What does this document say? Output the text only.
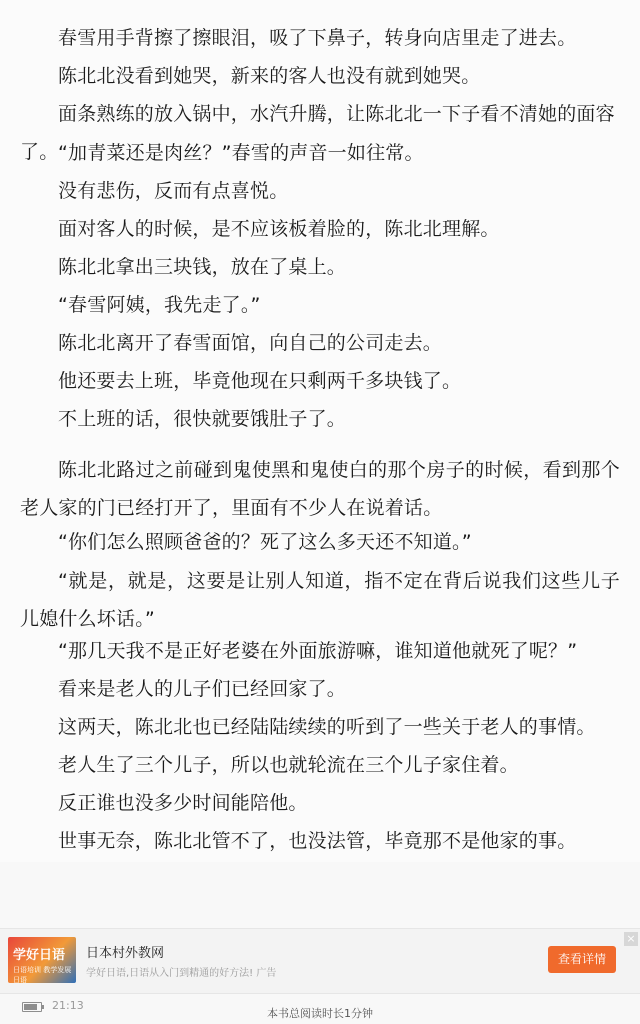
春雪用手背擦了擦眼泪，吸了下鼻子，转身向店里走了进去。
陈北北没看到她哭，新来的客人也没有就到她哭。
面条熟练的放入锅中，水汽升腾，让陈北北一下子看不清她的面容了。 “加青菜还是肉丝？”春雪的声音一如往常。
没有悲伤，反而有点喜悦。
面对客人的时候，是不应该板着脸的，陈北北理解。
陈北北拿出三块钱，放在了桌上。
“春雪阿姨，我先走了。”
陈北北离开了春雪面馆，向自己的公司走去。
他还要去上班，毕竟他现在只剩两千多块钱了。
不上班的话，很快就要饿肚子了。
陈北北路过之前碰到鬼使黑和鬼使白的那个房子的时候，看到那个老人家的门已经打开了，里面有不少人在说着话。
“你们怎么照顾爸爸的？死了这么多天还不知道。”
“就是，就是，这要是让别人知道，指不定在背后说我们这些儿子儿媳什么坏话。”
“那几天我不是正好老婆在外面旅游嘛，谁知道他就死了呢？”
看来是老人的儿子们已经回家了。
这两天，陈北北也已经陆陆续续的听到了一些关于老人的事情。
老人生了三个儿子，所以也就轮流在三个儿子家住着。
反正谁也没多少时间能陪他。
世事无奈，陈北北管不了，也没法管，毕竟那不是他家的事。
学好日语
日语培训 教学发展日语
日本村外教网
学好日语,日语从入门到精通的好方法! 广告
查看详情
×
21:13
本书总阅读时长1分钟
